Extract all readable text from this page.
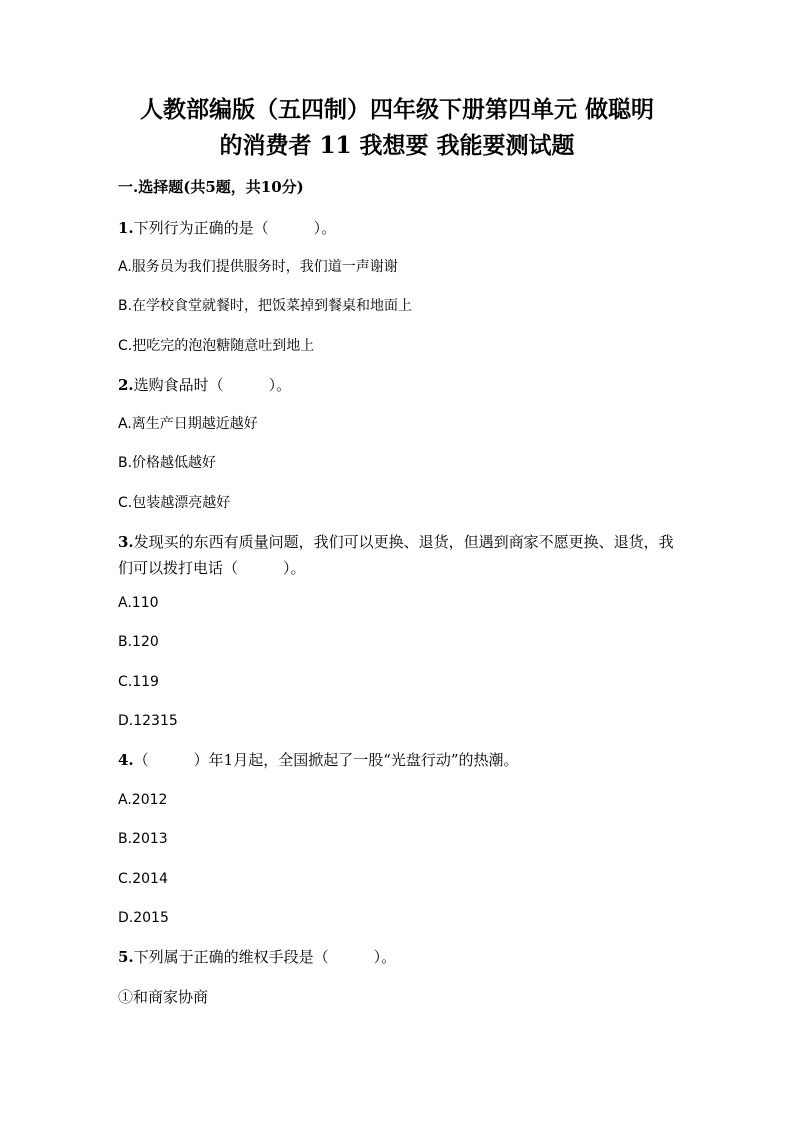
人教部编版（五四制）四年级下册第四单元 做聪明
的消费者 11 我想要 我能要测试题
一.选择题(共5题，共10分)
1.下列行为正确的是（　　　）。
A.服务员为我们提供服务时，我们道一声谢谢
B.在学校食堂就餐时，把饭菜掉到餐桌和地面上
C.把吃完的泡泡糖随意吐到地上
2.选购食品时（　　　）。
A.离生产日期越近越好
B.价格越低越好
C.包装越漂亮越好
3.发现买的东西有质量问题，我们可以更换、退货，但遇到商家不愿更换、退货，我们可以拨打电话（　　　）。
A.110
B.120
C.119
D.12315
4.（　　　）年1月起，全国掀起了一股“光盘行动”的热潮。
A.2012
B.2013
C.2014
D.2015
5.下列属于正确的维权手段是（　　　）。
①和商家协商
